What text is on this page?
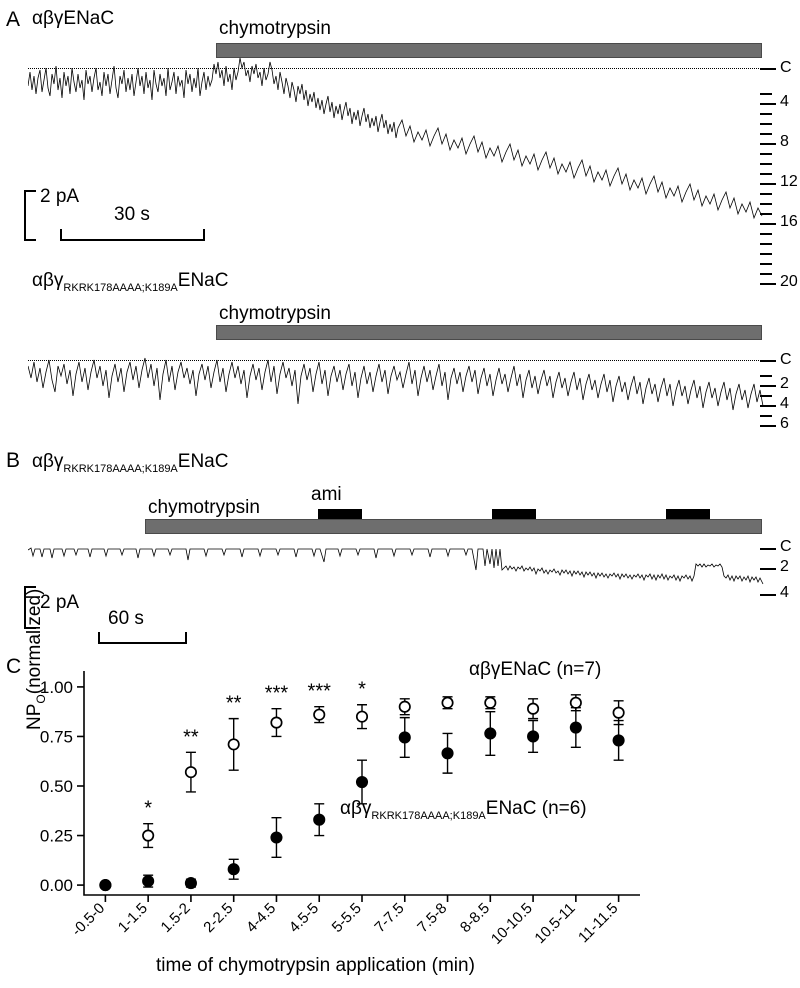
A αβγENaC	chymotrypsin
2 pA
30 s
C
4
8
12
16
20
αβγ$_{RKRK178AAAA;K189A}$ENaC
chymotrypsin
C
2
4
6
B αβγ$_{RKRK178AAAA;K189A}$ENaC
chymotrypsin
ami
C
2
4
2 pA
60 s
C
$NP_O(normalized)$	αβγENaC (n=7)
αβγ$_{RKRK178AAAA;K189A}$ENaC (n=6)
0.00
0.25
0.50
0.75
1.00
-0.5-0 1-1.5 1.5-2 2-2.5 4-4.5 4.5-5 5-5.5 7-7.5 7.5-8 8-8.5
10-10.5
10.5-11
11-11.5
*
**
** *** *** *
time of chymotrypsin application (min)
